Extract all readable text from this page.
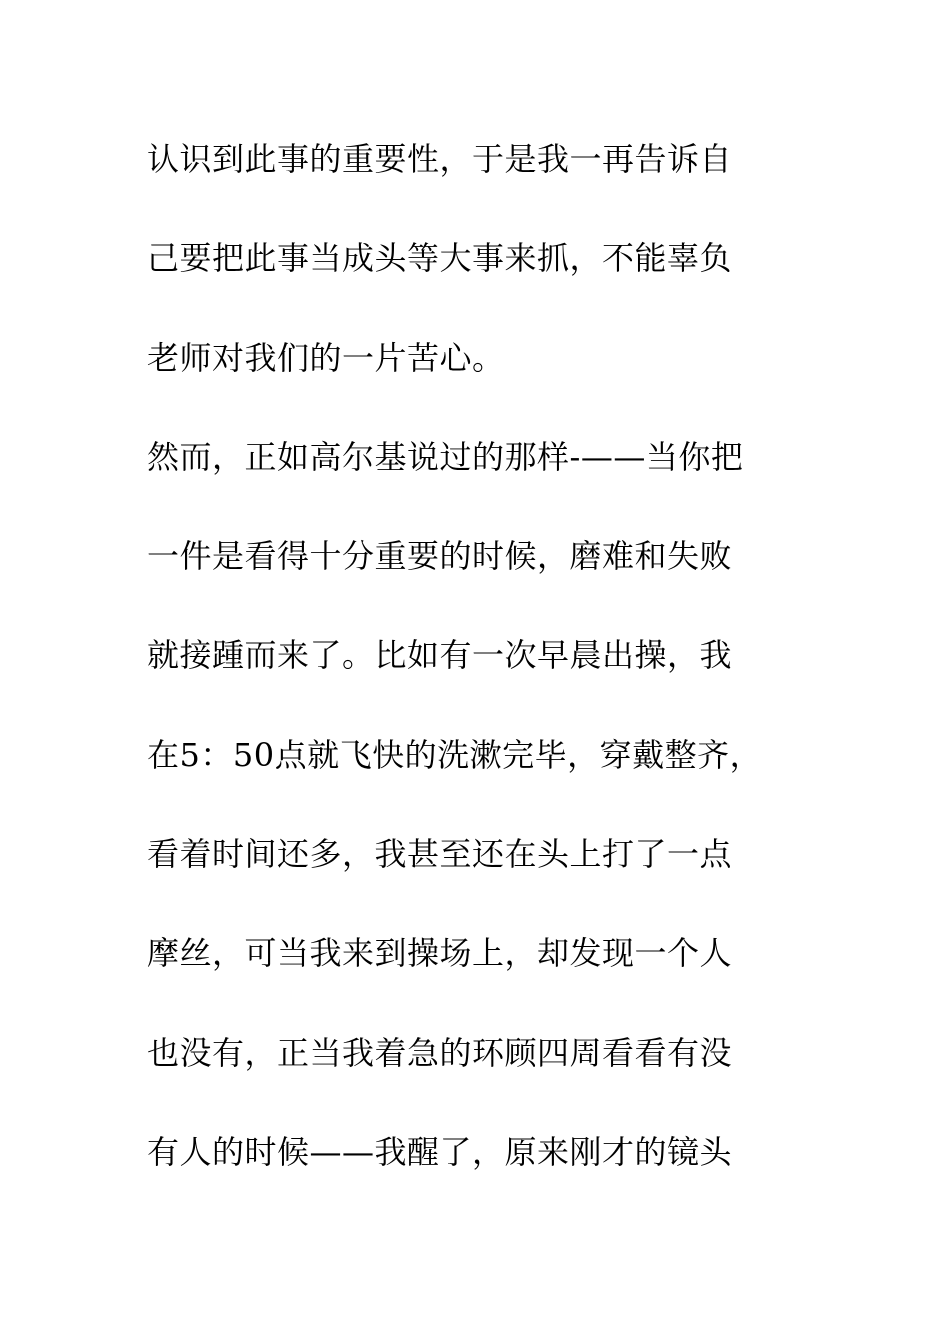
认识到此事的重要性，于是我一再告诉自
己要把此事当成头等大事来抓，不能辜负
老师对我们的一片苦心。
然而，正如高尔基说过的那样-——当你把
一件是看得十分重要的时候，磨难和失败
就接踵而来了。比如有一次早晨出操，我
在5：50点就飞快的洗漱完毕，穿戴整齐，
看着时间还多，我甚至还在头上打了一点
摩丝，可当我来到操场上，却发现一个人
也没有，正当我着急的环顾四周看看有没
有人的时候——我醒了，原来刚才的镜头
